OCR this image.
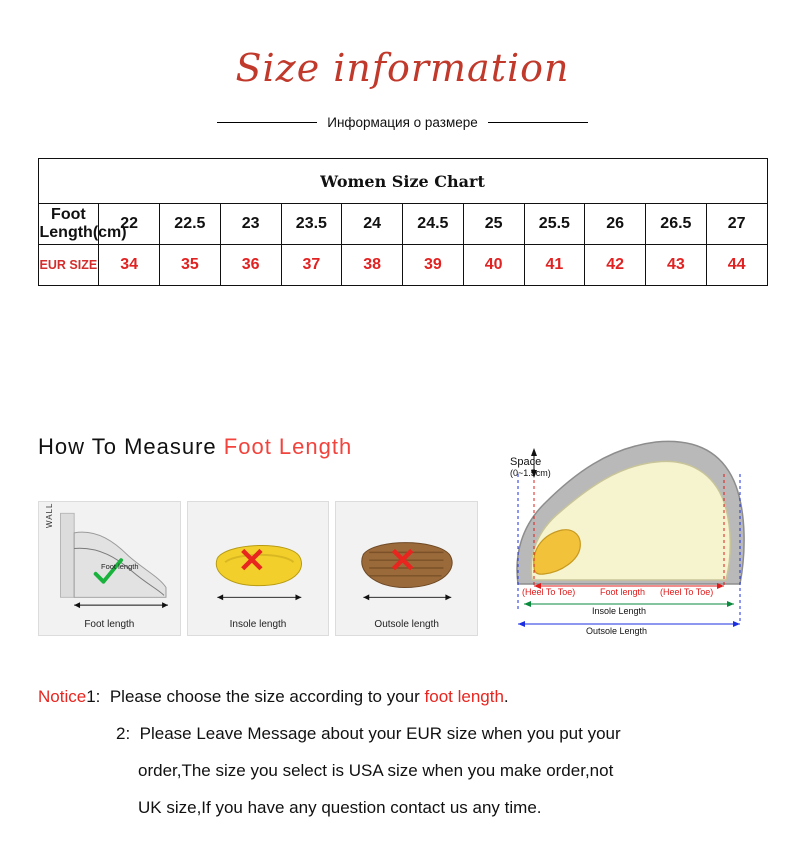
Size information
Информация о размере
Women Size Chart											
Foot Length(cm)	22	22.5	23	23.5	24	24.5	25	25.5	26	26.5	27
EUR SIZE	34	35	36	37	38	39	40	41	42	43	44
How To Measure Foot Length
WALL
Foot length
Foot length
✕
Insole length
✕
Outsole length
Space
(0~1.5cm)
(Heel To Toe)	(Heel To Toe)
Foot length
Insole Length
Outsole Length

Notice1: Please choose the size according to your foot length.

2: Please Leave Message about your EUR size when you put your

order,The size you select is USA size when you make order,not

UK size,If you have any question contact us any time.
